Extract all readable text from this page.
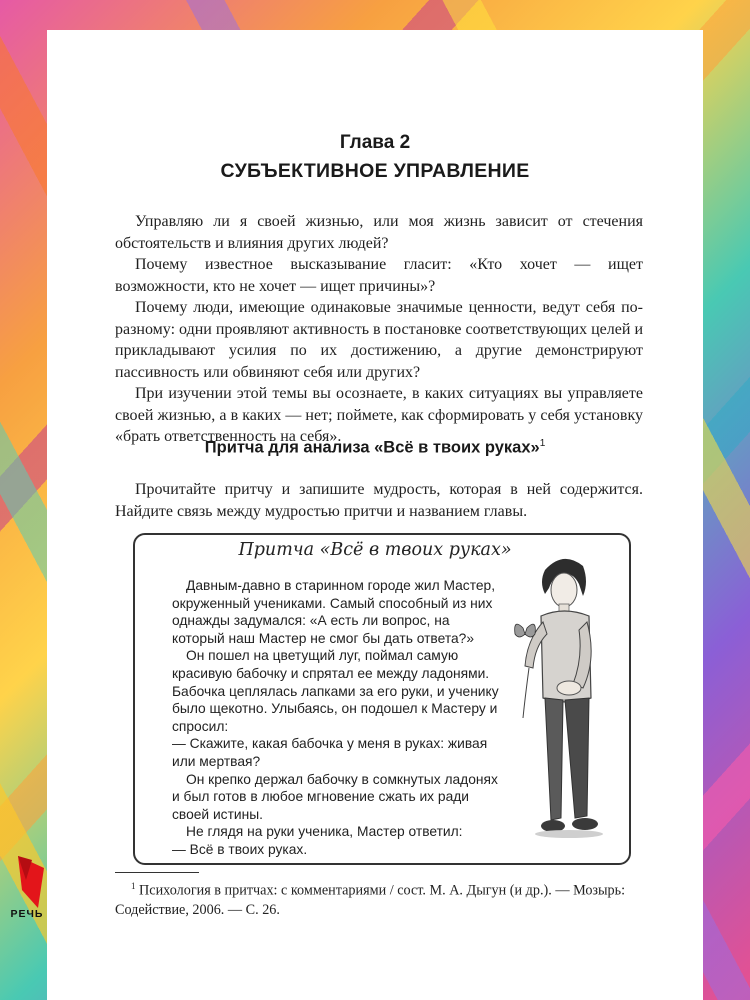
Глава 2
СУБЪЕКТИВНОЕ УПРАВЛЕНИЕ

Управляю ли я своей жизнью, или моя жизнь зависит от стечения обстоятельств и влияния других людей?

Почему известное высказывание гласит: «Кто хочет — ищет возможности, кто не хочет — ищет причины»?

Почему люди, имеющие одинаковые значимые ценности, ведут себя по-разному: одни проявляют активность в постановке соответствующих целей и прикладывают усилия по их достижению, а другие демонстрируют пассивность или обвиняют себя или других?

При изучении этой темы вы осознаете, в каких ситуациях вы управляете своей жизнью, а в каких — нет; поймете, как сформировать у себя установку «брать ответственность на себя».

Притча для анализа «Всё в твоих руках»$^1$

Прочитайте притчу и запишите мудрость, которая в ней содержится. Найдите связь между мудростью притчи и названием главы.

Притча «Всё в твоих руках»

Давным-давно в старинном городе жил Мастер, окруженный учениками. Самый способный из них однажды задумался: «А есть ли вопрос, на который наш Мастер не смог бы дать ответа?»

Он пошел на цветущий луг, поймал самую красивую бабочку и спрятал ее между ладонями. Бабочка цеплялась лапками за его руки, и ученику было щекотно. Улыбаясь, он подошел к Мастеру и спросил:

— Скажите, какая бабочка у меня в руках: живая или мертвая?

Он крепко держал бабочку в сомкнутых ладонях и был готов в любое мгновение сжать их ради своей истины.

Не глядя на руки ученика, Мастер ответил:

— Всё в твоих руках.

$^1$ Психология в притчах: с комментариями / сост. М. А. Дыгун (и др.). — Мозырь: Содействие, 2006. — С. 26.
РЕЧЬ
